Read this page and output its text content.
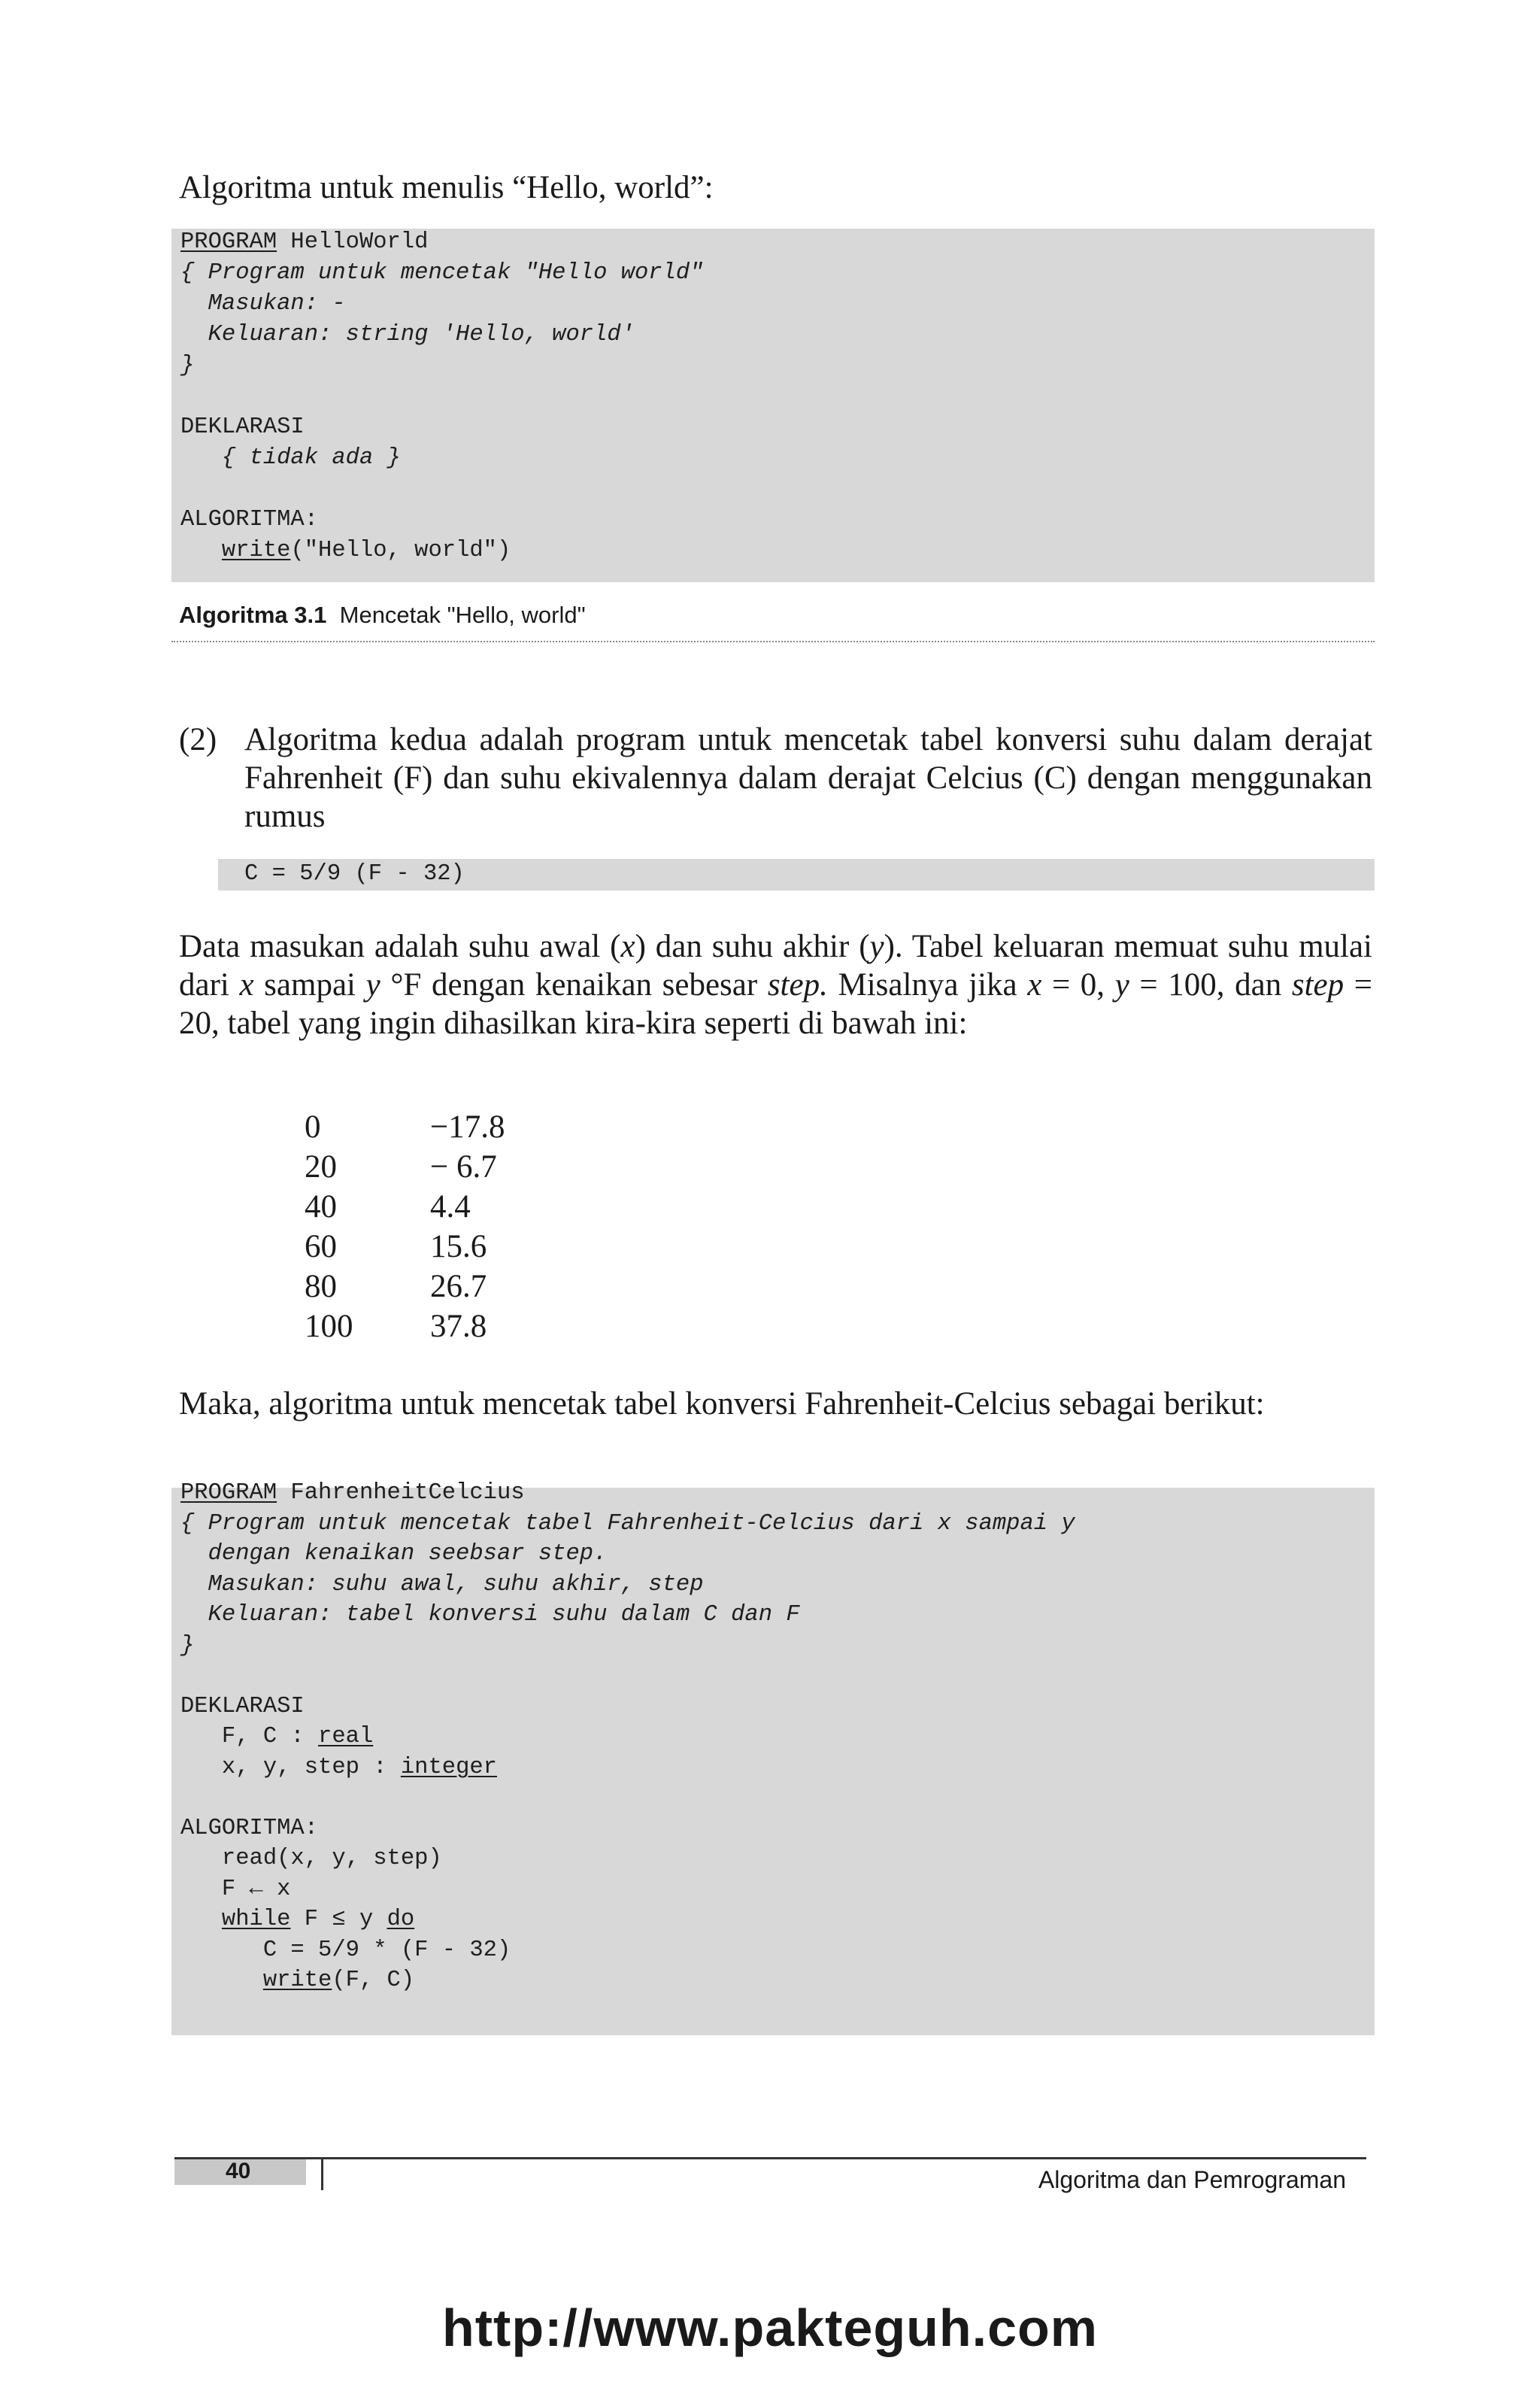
Algoritma untuk menulis “Hello, world”:
PROGRAM HelloWorld
{ Program untuk mencetak "Hello world"
Masukan: -
Keluaran: string 'Hello, world'
}

DEKLARASI
{ tidak ada }

ALGORITMA:
write("Hello, world")
Algoritma 3.1 Mencetak "Hello, world"
(2) Algoritma kedua adalah program untuk mencetak tabel konversi suhu dalam derajat Fahrenheit (F) dan suhu ekivalennya dalam derajat Celcius (C) dengan menggunakan rumus
C = 5/9 (F - 32)
Data masukan adalah suhu awal (x) dan suhu akhir (y). Tabel keluaran memuat suhu mulai dari x sampai y °F dengan kenaikan sebesar step. Misalnya jika x = 0, y = 100, dan step = 20, tabel yang ingin dihasilkan kira-kira seperti di bawah ini:
0
20
40
60
80
100
−17.8
− 6.7
4.4
15.6
26.7
37.8
Maka, algoritma untuk mencetak tabel konversi Fahrenheit-Celcius sebagai berikut:
PROGRAM FahrenheitCelcius
{ Program untuk mencetak tabel Fahrenheit-Celcius dari x sampai y
dengan kenaikan seebsar step.
Masukan: suhu awal, suhu akhir, step
Keluaran: tabel konversi suhu dalam C dan F
}

DEKLARASI
F, C : real
x, y, step : integer

ALGORITMA:
read(x, y, step)
F ← x
while F ≤ y do
C = 5/9 * (F - 32)
write(F, C)
40	Algoritma dan Pemrograman
http://www.pakteguh.com
